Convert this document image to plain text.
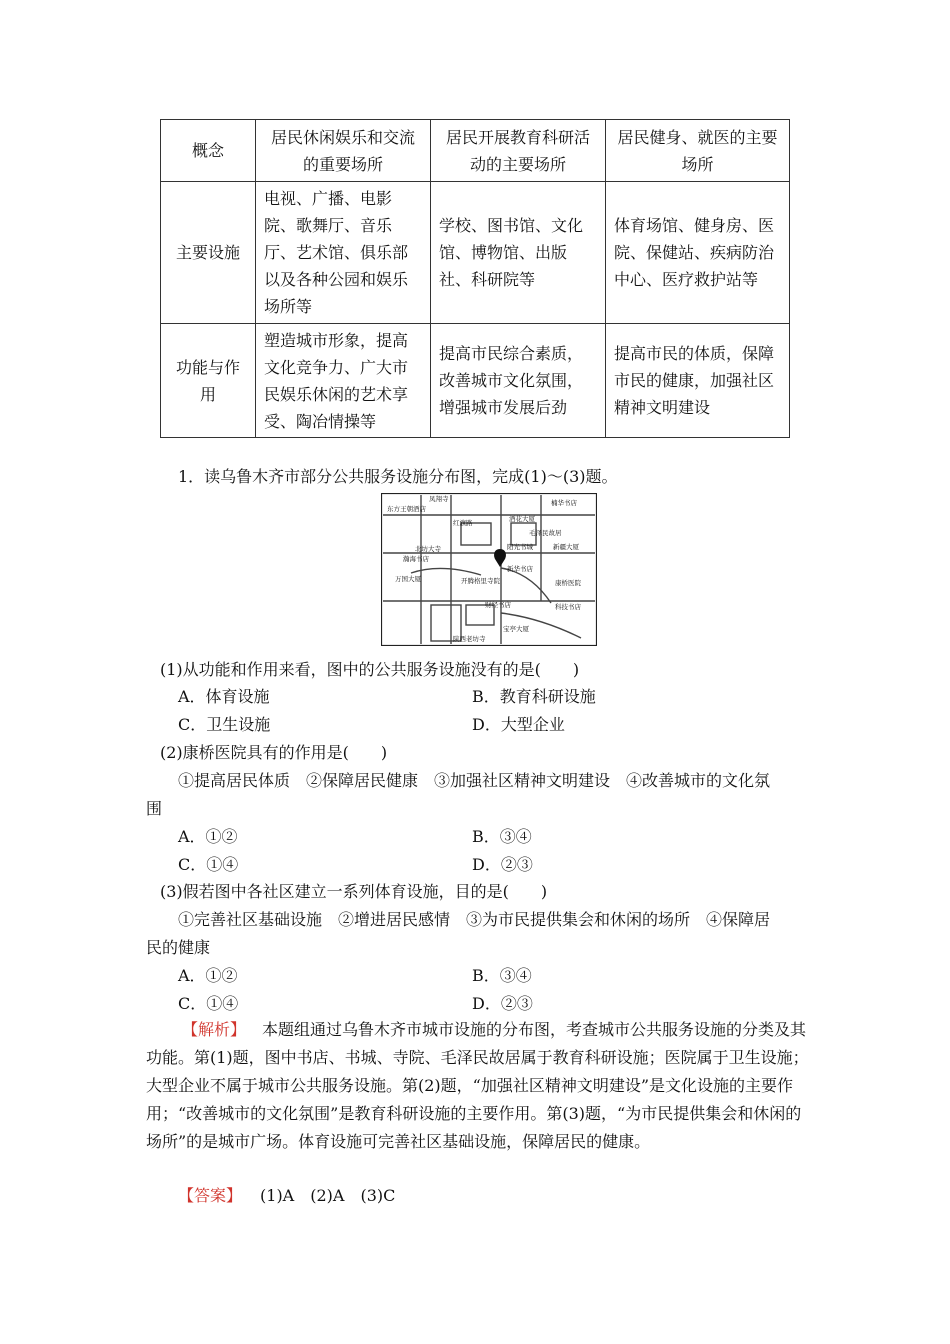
概念	居民休闲娱乐和交流的重要场所	居民开展教育科研活动的主要场所	居民健身、就医的主要场所
主要设施	电视、广播、电影院、歌舞厅、音乐厅、艺术馆、俱乐部以及各种公园和娱乐场所等	学校、图书馆、文化馆、博物馆、出版社、科研院等	体育场馆、健身房、医院、保健站、疾病防治中心、医疗救护站等
功能与作用	塑造城市形象，提高文化竞争力、广大市民娱乐休闲的艺术享受、陶冶情操等	提高市民综合素质，改善城市文化氛围，增强城市发展后劲	提高市民的体质，保障市民的健康，加强社区精神文明建设
1．读乌鲁木齐市部分公共服务设施分布图，完成(1)～(3)题。
凤翔寺
东方王朝酒店
红旗路
楠华书店
酒花大厦
毛泽民故居
阳光书城	新疆大厦
北坊大寺
瀚海书店
新华书店
万国大厦	开腾格里寺院	康桥医院
财经书店	科技书店
宝亭大厦
陕西老坊寺
(1)从功能和作用来看，图中的公共服务设施没有的是(　　)
A．体育设施	B．教育科研设施
C．卫生设施	D．大型企业
(2)康桥医院具有的作用是(　　)
①提高居民体质　②保障居民健康　③加强社区精神文明建设　④改善城市的文化氛
围
A．①②	B．③④
C．①④	D．②③
(3)假若图中各社区建立一系列体育设施，目的是(　　)
①完善社区基础设施　②增进居民感情　③为市民提供集会和休闲的场所　④保障居
民的健康
A．①②	B．③④
C．①④	D．②③
【解析】 本题组通过乌鲁木齐市城市设施的分布图，考查城市公共服务设施的分类及其功能。第(1)题，图中书店、书城、寺院、毛泽民故居属于教育科研设施；医院属于卫生设施；大型企业不属于城市公共服务设施。第(2)题，“加强社区精神文明建设”是文化设施的主要作用；“改善城市的文化氛围”是教育科研设施的主要作用。第(3)题，“为市民提供集会和休闲的场所”的是城市广场。体育设施可完善社区基础设施，保障居民的健康。
【答案】 (1)A　(2)A　(3)C
